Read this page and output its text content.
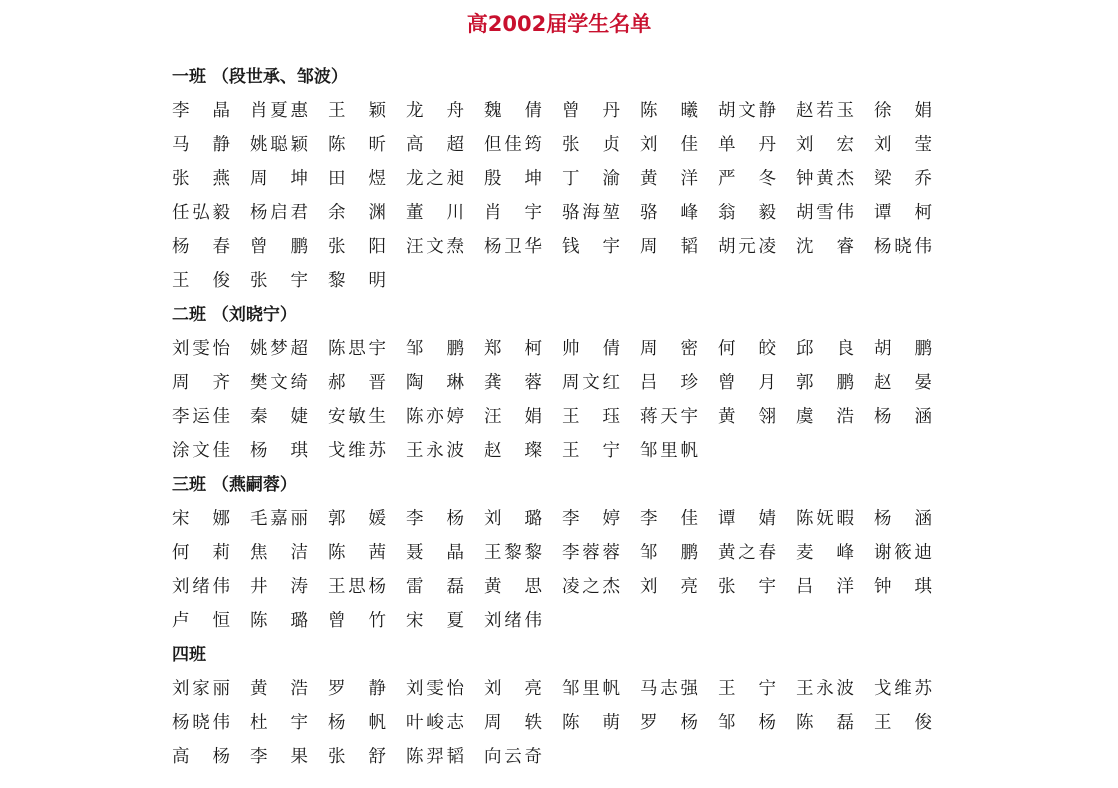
高2002届学生名单
一班 （段世承、邹波）
李 晶 肖 夏 惠 王 颖 龙 舟 魏 倩 曾 丹 陈 曦 胡 文 静 赵 若 玉 徐 娟
马 静 姚 聪 颖 陈 昕 高 超 但 佳 筠 张 贞 刘 佳 单 丹 刘 宏 刘 莹
张 燕 周 坤 田 煜 龙 之 昶 殷 坤 丁 渝 黄 洋 严 冬 钟 黄 杰 梁 乔
任 弘 毅 杨 启 君 余 渊 董 川 肖 宇 骆 海 堃 骆 峰 翁 毅 胡 雪 伟 谭 柯
杨 春 曾 鹏 张 阳 汪 文 焘 杨 卫 华 钱 宇 周 韬 胡 元 凌 沈 睿 杨 晓 伟
王 俊 张 宇 黎 明
二班 （刘晓宁）
刘 雯 怡 姚 梦 超 陈 思 宇 邹 鹏 郑 柯 帅 倩 周 密 何 皎 邱 良 胡 鹏
周 齐 樊 文 绮 郝 晋 陶 琳 龚 蓉 周 文 红 吕 珍 曾 月 郭 鹏 赵 晏
李 运 佳 秦 婕 安 敏 生 陈 亦 婷 汪 娟 王 珏 蒋 天 宇 黄 翎 虞 浩 杨 涵
涂 文 佳 杨 琪 戈 维 苏 王 永 波 赵 璨 王 宁 邹 里 帆
三班 （燕嗣蓉）
宋 娜 毛 嘉 丽 郭 媛 李 杨 刘 璐 李 婷 李 佳 谭 婧 陈 妩 暇 杨 涵
何 莉 焦 洁 陈 茜 聂 晶 王 黎 黎 李 蓉 蓉 邹 鹏 黄 之 春 麦 峰 谢 筱 迪
刘 绪 伟 井 涛 王 思 杨 雷 磊 黄 思 凌 之 杰 刘 亮 张 宇 吕 洋 钟 琪
卢 恒 陈 璐 曾 竹 宋 夏 刘 绪 伟
四班
刘 家 丽 黄 浩 罗 静 刘 雯 怡 刘 亮 邹 里 帆 马 志 强 王 宁 王 永 波 戈 维 苏
杨 晓 伟 杜 宇 杨 帆 叶 峻 志 周 轶 陈 萌 罗 杨 邹 杨 陈 磊 王 俊
高 杨 李 果 张 舒 陈 羿 韬 向 云 奇
